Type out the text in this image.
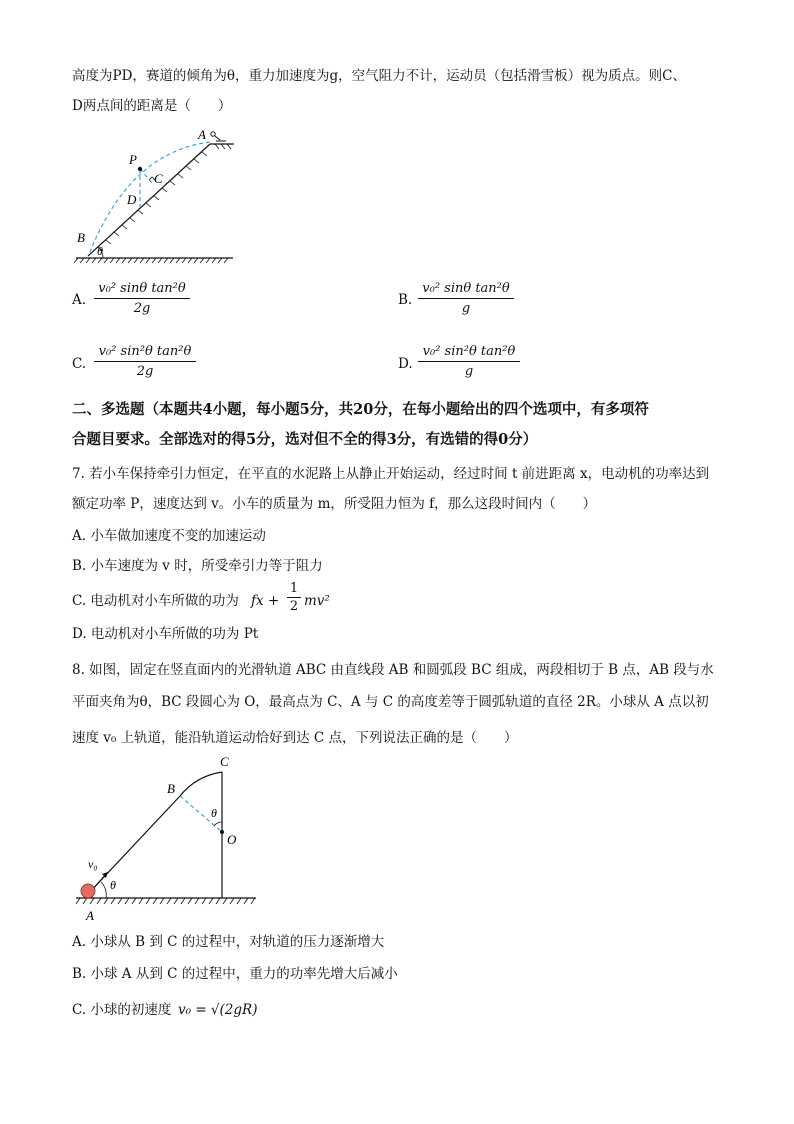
高度为PD，赛道的倾角为θ，重力加速度为g，空气阻力不计，运动员（包括滑雪板）视为质点。则C、
D两点间的距离是（　　）
A
P
C
D
B
θ
A. $\frac{\text{v₀² sinθ tan²θ}}{2g}$	B. $\frac{\text{v₀² sinθ tan²θ}}{g}$
C. $\frac{\text{v₀² sin²θ tan²θ}}{2g}$	D. $\frac{\text{v₀² sin²θ tan²θ}}{g}$
二、多选题（本题共4小题，每小题5分，共20分，在每小题给出的四个选项中，有多项符
合题目要求。全部选对的得5分，选对但不全的得3分，有选错的得0分）
7. 若小车保持牵引力恒定，在平直的水泥路上从静止开始运动，经过时间 t 前进距离 x，电动机的功率达到
额定功率 P，速度达到 v。小车的质量为 m，所受阻力恒为 f，那么这段时间内（　　）
A. 小车做加速度不变的加速运动
B. 小车速度为 v 时，所受牵引力等于阻力
C. 电动机对小车所做的功为 fx + $\frac{1}{2} mv^2$
D. 电动机对小车所做的功为 Pt
8. 如图，固定在竖直面内的光滑轨道 ABC 由直线段 AB 和圆弧段 BC 组成，两段相切于 B 点，AB 段与水
平面夹角为θ，BC 段圆心为 O，最高点为 C、A 与 C 的高度差等于圆弧轨道的直径 2R。小球从 A 点以初
速度 v₀ 上轨道，能沿轨道运动恰好到达 C 点，下列说法正确的是（　　）
C
B
θ
O
v₀
θ
A
A. 小球从 B 到 C 的过程中，对轨道的压力逐渐增大
B. 小球 A 从到 C 的过程中，重力的功率先增大后减小
C. 小球的初速度 v₀ = √(2gR)
